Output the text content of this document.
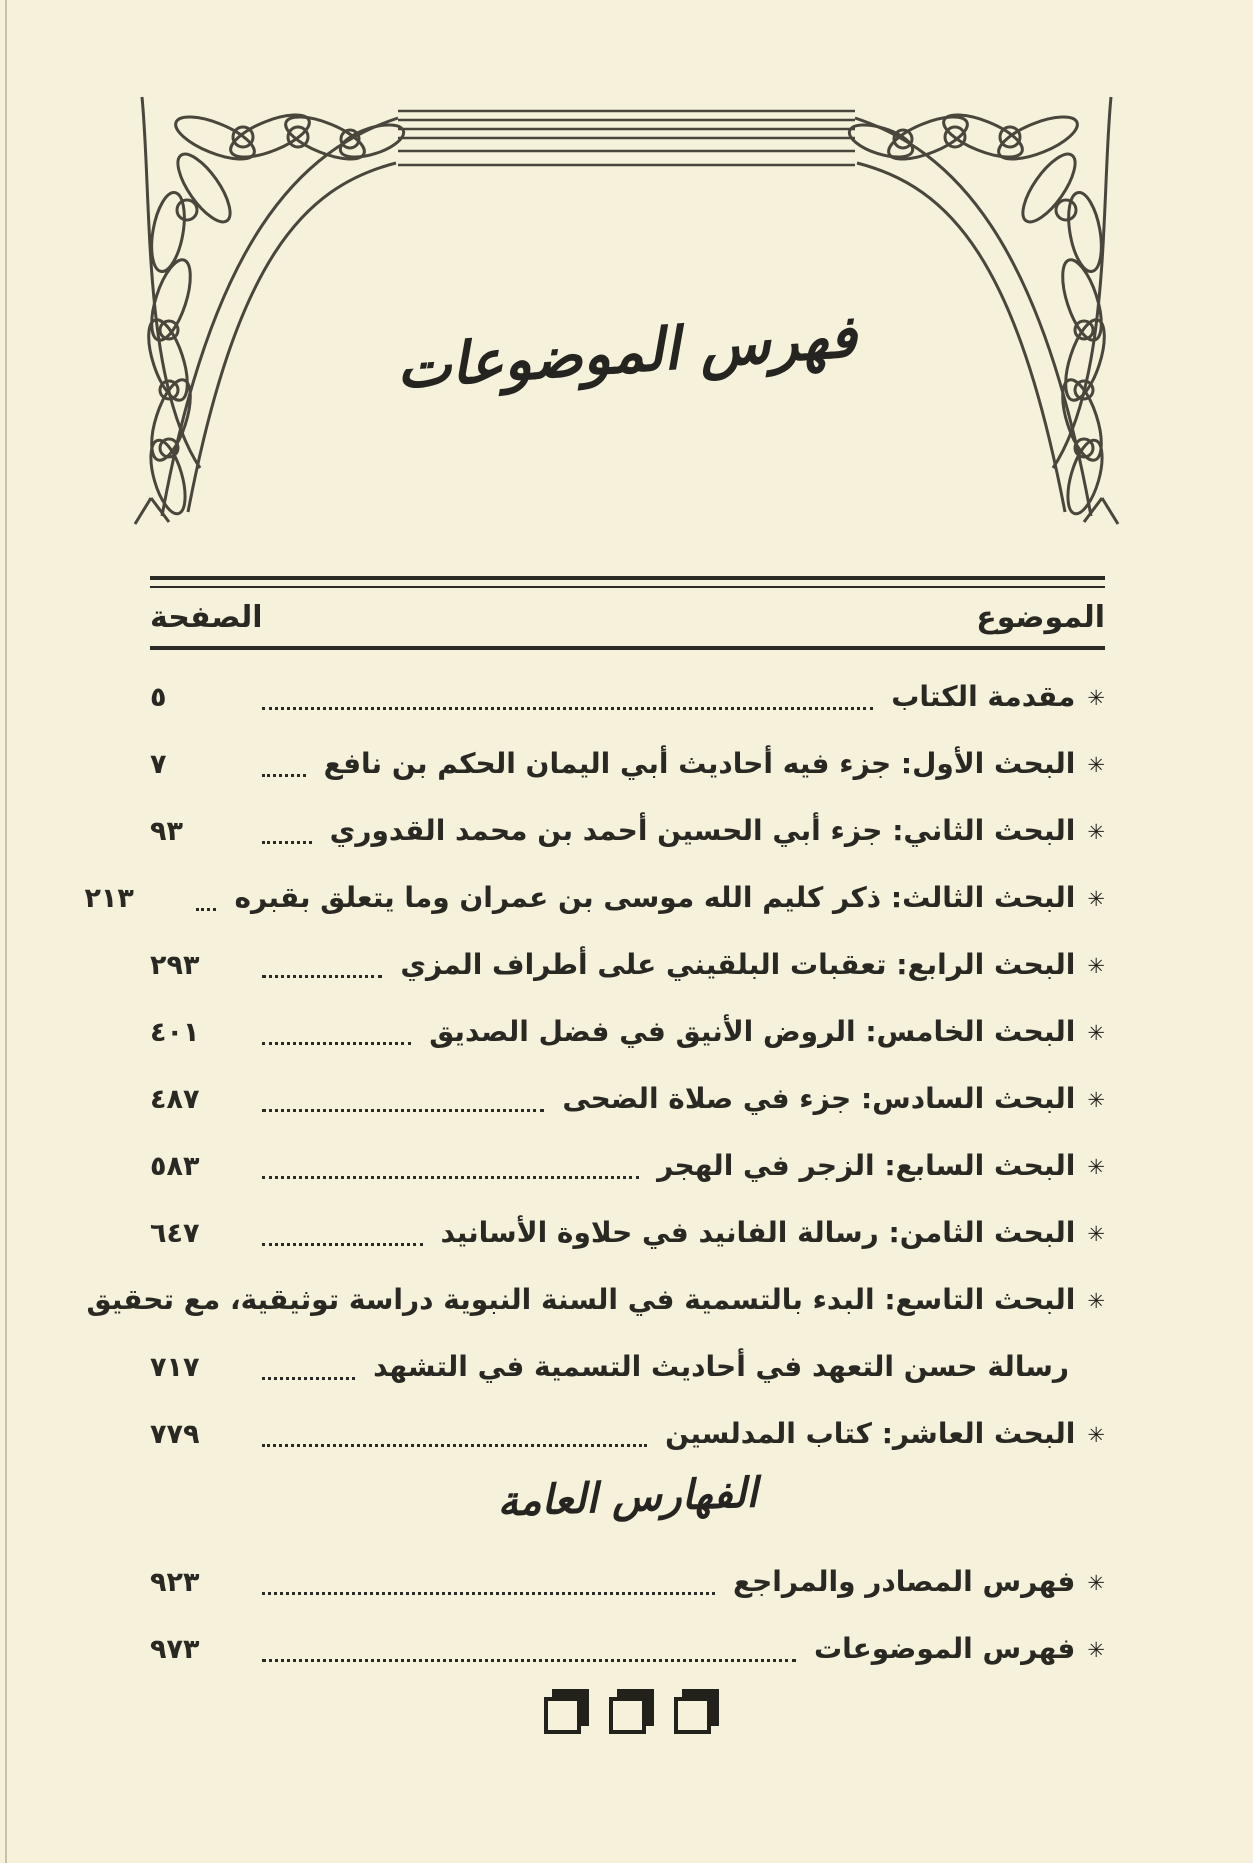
فهرس الموضوعات
الموضوع
الصفحة
✳
مقدمة الكتاب
٥
✳
البحث الأول: جزء فيه أحاديث أبي اليمان الحكم بن نافع
٧
✳
البحث الثاني: جزء أبي الحسين أحمد بن محمد القدوري
٩٣
✳
البحث الثالث: ذكر كليم الله موسى بن عمران وما يتعلق بقبره
٢١٣
✳
البحث الرابع: تعقبات البلقيني على أطراف المزي
٢٩٣
✳
البحث الخامس: الروض الأنيق في فضل الصديق
٤٠١
✳
البحث السادس: جزء في صلاة الضحى
٤٨٧
✳
البحث السابع: الزجر في الهجر
٥٨٣
✳
البحث الثامن: رسالة الفانيد في حلاوة الأسانيد
٦٤٧
✳
البحث التاسع: البدء بالتسمية في السنة النبوية دراسة توثيقية، مع تحقيق
رسالة حسن التعهد في أحاديث التسمية في التشهد
٧١٧
✳
البحث العاشر: كتاب المدلسين
٧٧٩
الفهارس العامة
✳
فهرس المصادر والمراجع
٩٢٣
✳
فهرس الموضوعات
٩٧٣
